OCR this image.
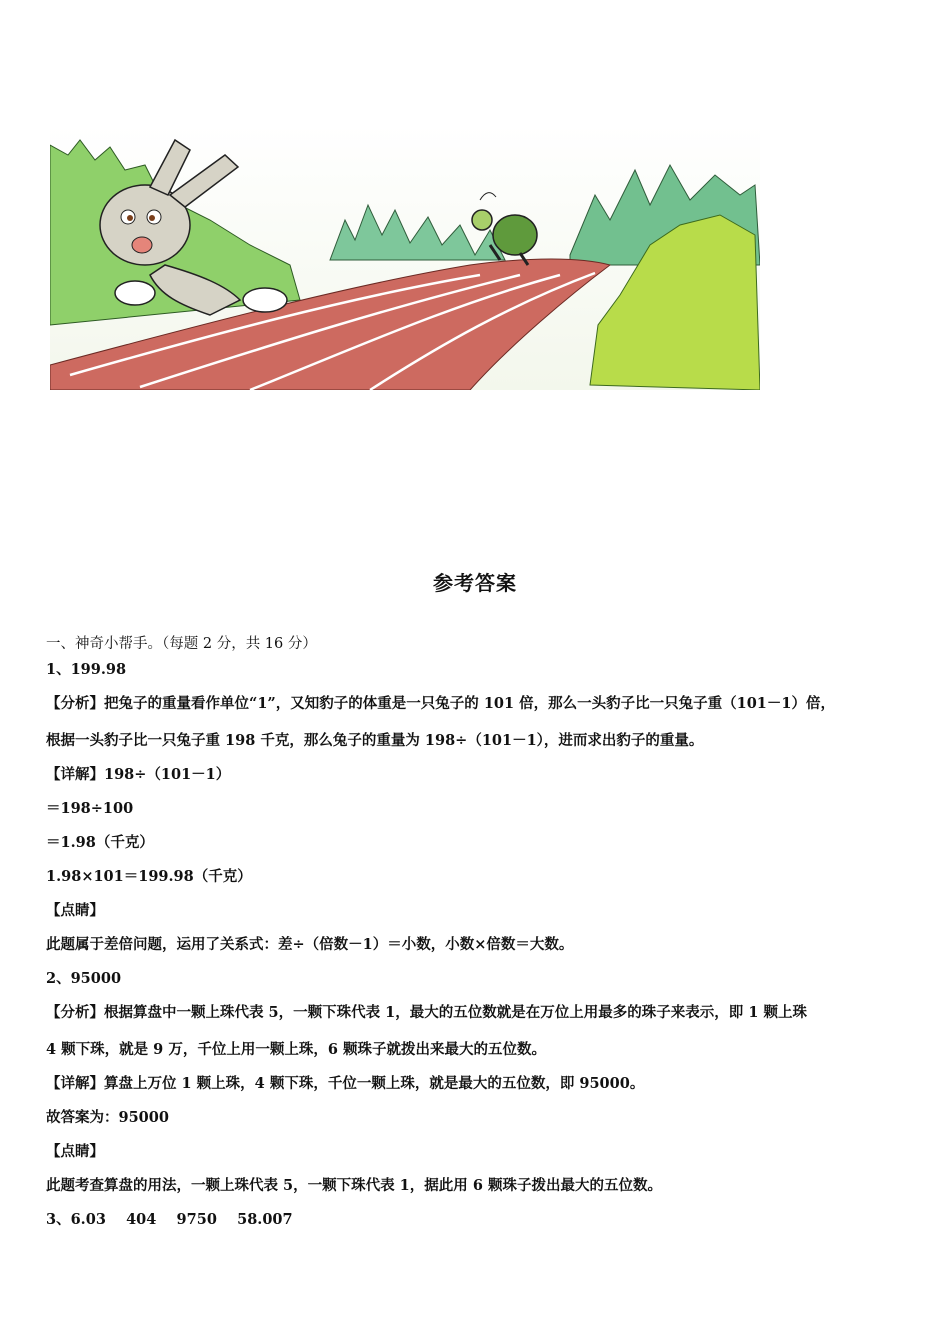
参考答案
一、神奇小帮手。（每题 2 分，共 16 分）
1、199.98
【分析】把兔子的重量看作单位“1”，又知豹子的体重是一只兔子的 101 倍，那么一头豹子比一只兔子重（101－1）倍，
根据一头豹子比一只兔子重 198 千克，那么兔子的重量为 198÷（101－1），进而求出豹子的重量。
【详解】198÷（101－1）
＝198÷100
＝1.98（千克）
1.98×101＝199.98（千克）
【点睛】
此题属于差倍问题，运用了关系式：差÷（倍数－1）＝小数，小数×倍数＝大数。
2、95000
【分析】根据算盘中一颗上珠代表 5，一颗下珠代表 1，最大的五位数就是在万位上用最多的珠子来表示，即 1 颗上珠
4 颗下珠，就是 9 万，千位上用一颗上珠，6 颗珠子就拨出来最大的五位数。
【详解】算盘上万位 1 颗上珠，4 颗下珠，千位一颗上珠，就是最大的五位数，即 95000。
故答案为：95000
【点睛】
此题考查算盘的用法，一颗上珠代表 5，一颗下珠代表 1，据此用 6 颗珠子拨出最大的五位数。
3、6.03    404    9750    58.007
